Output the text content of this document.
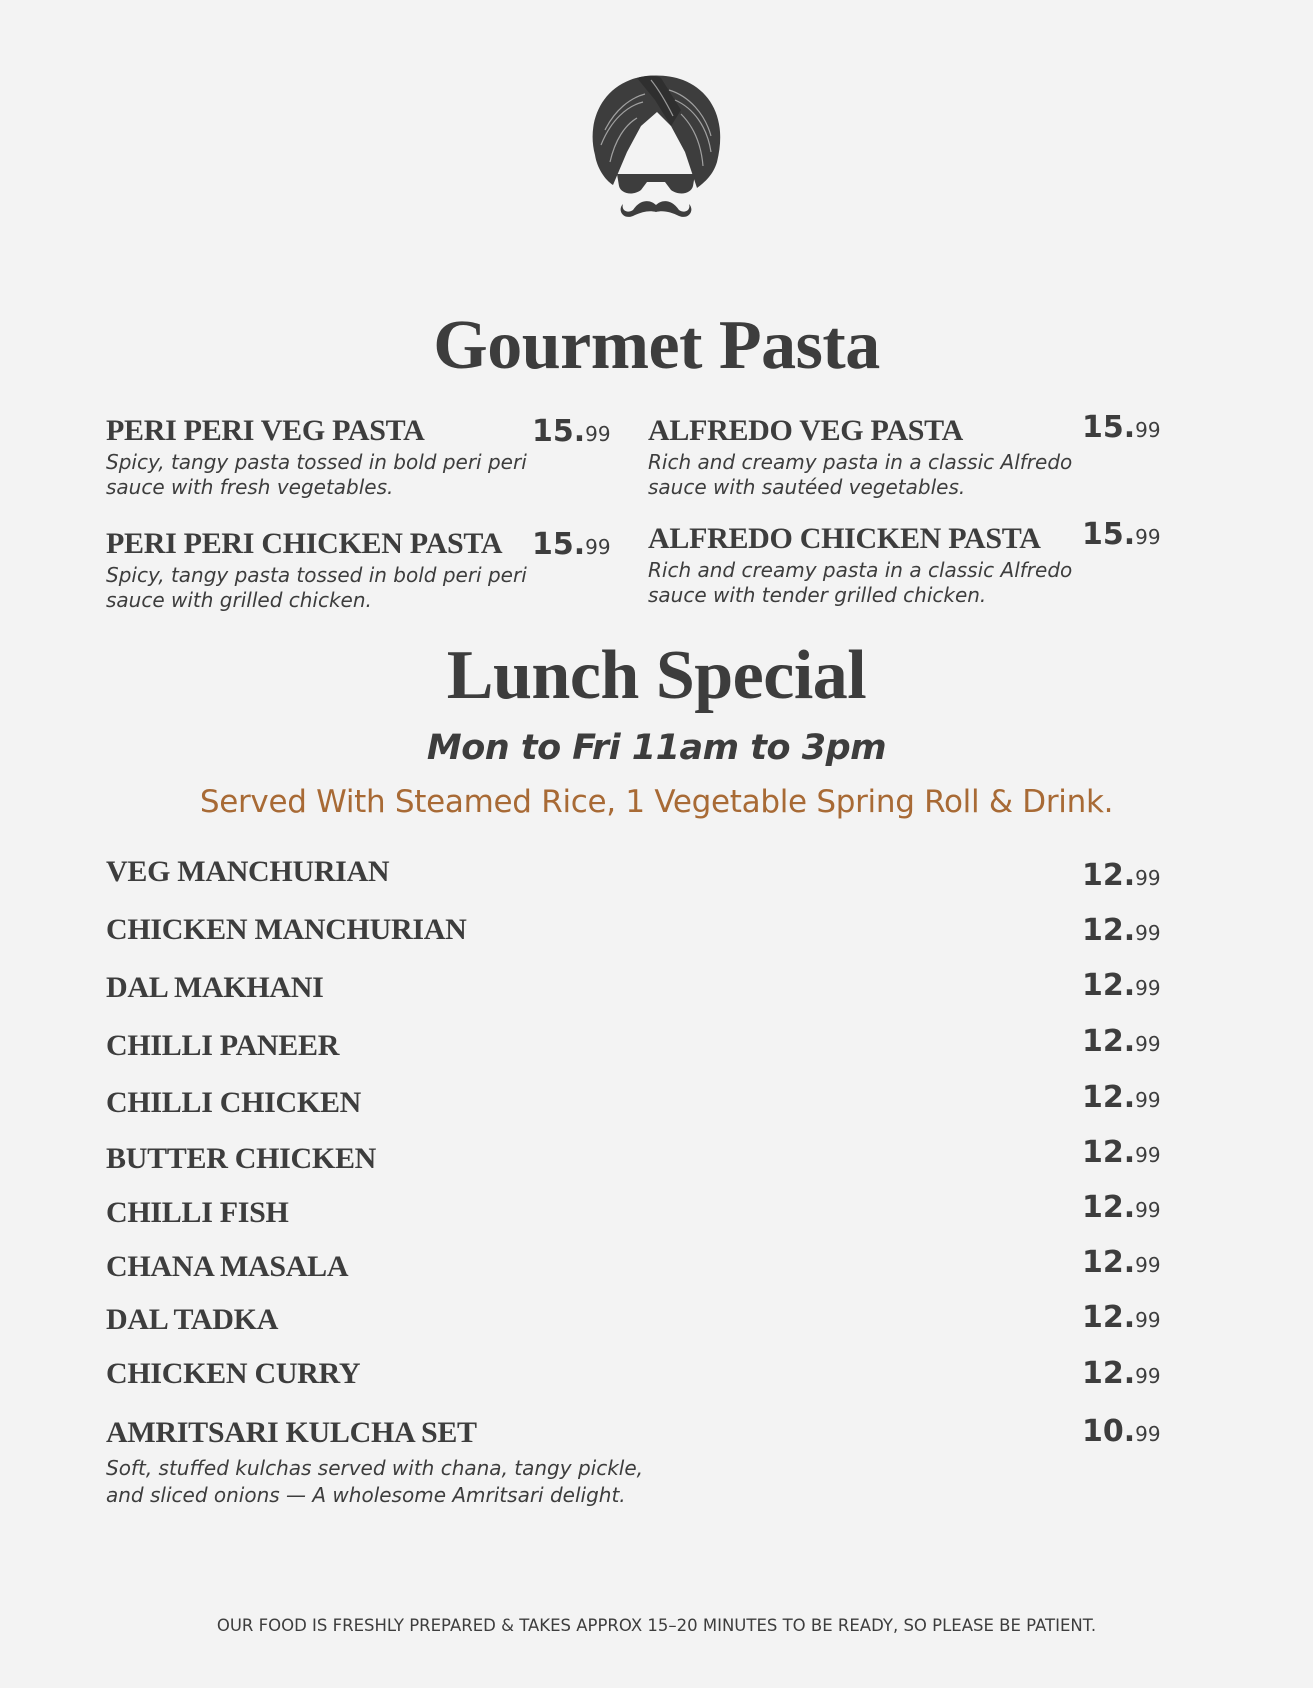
Gourmet Pasta
PERI PERI VEG PASTA
Spicy, tangy pasta tossed in bold peri peri
sauce with fresh vegetables.
15.99
PERI PERI CHICKEN PASTA
Spicy, tangy pasta tossed in bold peri peri
sauce with grilled chicken.
15.99
ALFREDO VEG PASTA
Rich and creamy pasta in a classic Alfredo
sauce with sautéed vegetables.
15.99
ALFREDO CHICKEN PASTA
Rich and creamy pasta in a classic Alfredo
sauce with tender grilled chicken.
15.99
Lunch Special
Mon to Fri 11am to 3pm
Served With Steamed Rice, 1 Vegetable Spring Roll & Drink.
VEG MANCHURIAN	12.99
CHICKEN MANCHURIAN	12.99
DAL MAKHANI	12.99
CHILLI PANEER	12.99
CHILLI CHICKEN	12.99
BUTTER CHICKEN	12.99
CHILLI FISH	12.99
CHANA MASALA	12.99
DAL TADKA	12.99
CHICKEN CURRY	12.99
AMRITSARI KULCHA SET
Soft, stuffed kulchas served with chana, tangy pickle,
and sliced onions — A wholesome Amritsari delight.
10.99
OUR FOOD IS FRESHLY PREPARED & TAKES APPROX 15–20 MINUTES TO BE READY, SO PLEASE BE PATIENT.
